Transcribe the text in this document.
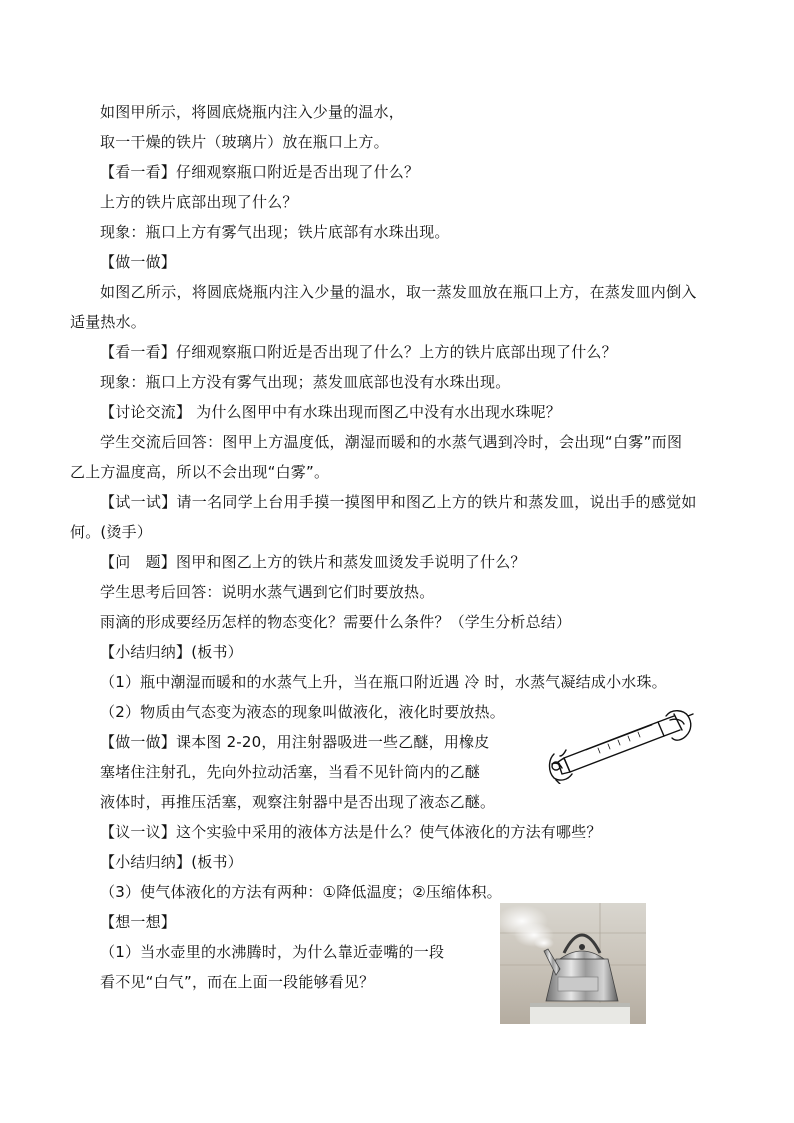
如图甲所示，将圆底烧瓶内注入少量的温水，
取一干燥的铁片（玻璃片）放在瓶口上方。
【看一看】仔细观察瓶口附近是否出现了什么？
上方的铁片底部出现了什么？
现象：瓶口上方有雾气出现；铁片底部有水珠出现。
【做一做】
如图乙所示，将圆底烧瓶内注入少量的温水，取一蒸发皿放在瓶口上方，在蒸发皿内倒入
适量热水。
【看一看】仔细观察瓶口附近是否出现了什么？上方的铁片底部出现了什么？
现象：瓶口上方没有雾气出现；蒸发皿底部也没有水珠出现。
【讨论交流】 为什么图甲中有水珠出现而图乙中没有水出现水珠呢？
学生交流后回答：图甲上方温度低，潮湿而暖和的水蒸气遇到冷时，会出现“白雾”而图
乙上方温度高，所以不会出现“白雾”。
【试一试】请一名同学上台用手摸一摸图甲和图乙上方的铁片和蒸发皿，说出手的感觉如
何。(烫手）
【问　题】图甲和图乙上方的铁片和蒸发皿烫发手说明了什么？
学生思考后回答：说明水蒸气遇到它们时要放热。
雨滴的形成要经历怎样的物态变化？需要什么条件？（学生分析总结）
【小结归纳】(板书）
（1）瓶中潮湿而暖和的水蒸气上升，当在瓶口附近遇 冷 时，水蒸气凝结成小水珠。
（2）物质由气态变为液态的现象叫做液化，液化时要放热。
【做一做】课本图 2-20，用注射器吸进一些乙醚，用橡皮
塞堵住注射孔，先向外拉动活塞，当看不见针筒内的乙醚
液体时，再推压活塞，观察注射器中是否出现了液态乙醚。
【议一议】这个实验中采用的液体方法是什么？使气体液化的方法有哪些？
【小结归纳】(板书）
（3）使气体液化的方法有两种：①降低温度；②压缩体积。
【想一想】
（1）当水壶里的水沸腾时，为什么靠近壶嘴的一段
看不见“白气”，而在上面一段能够看见？
